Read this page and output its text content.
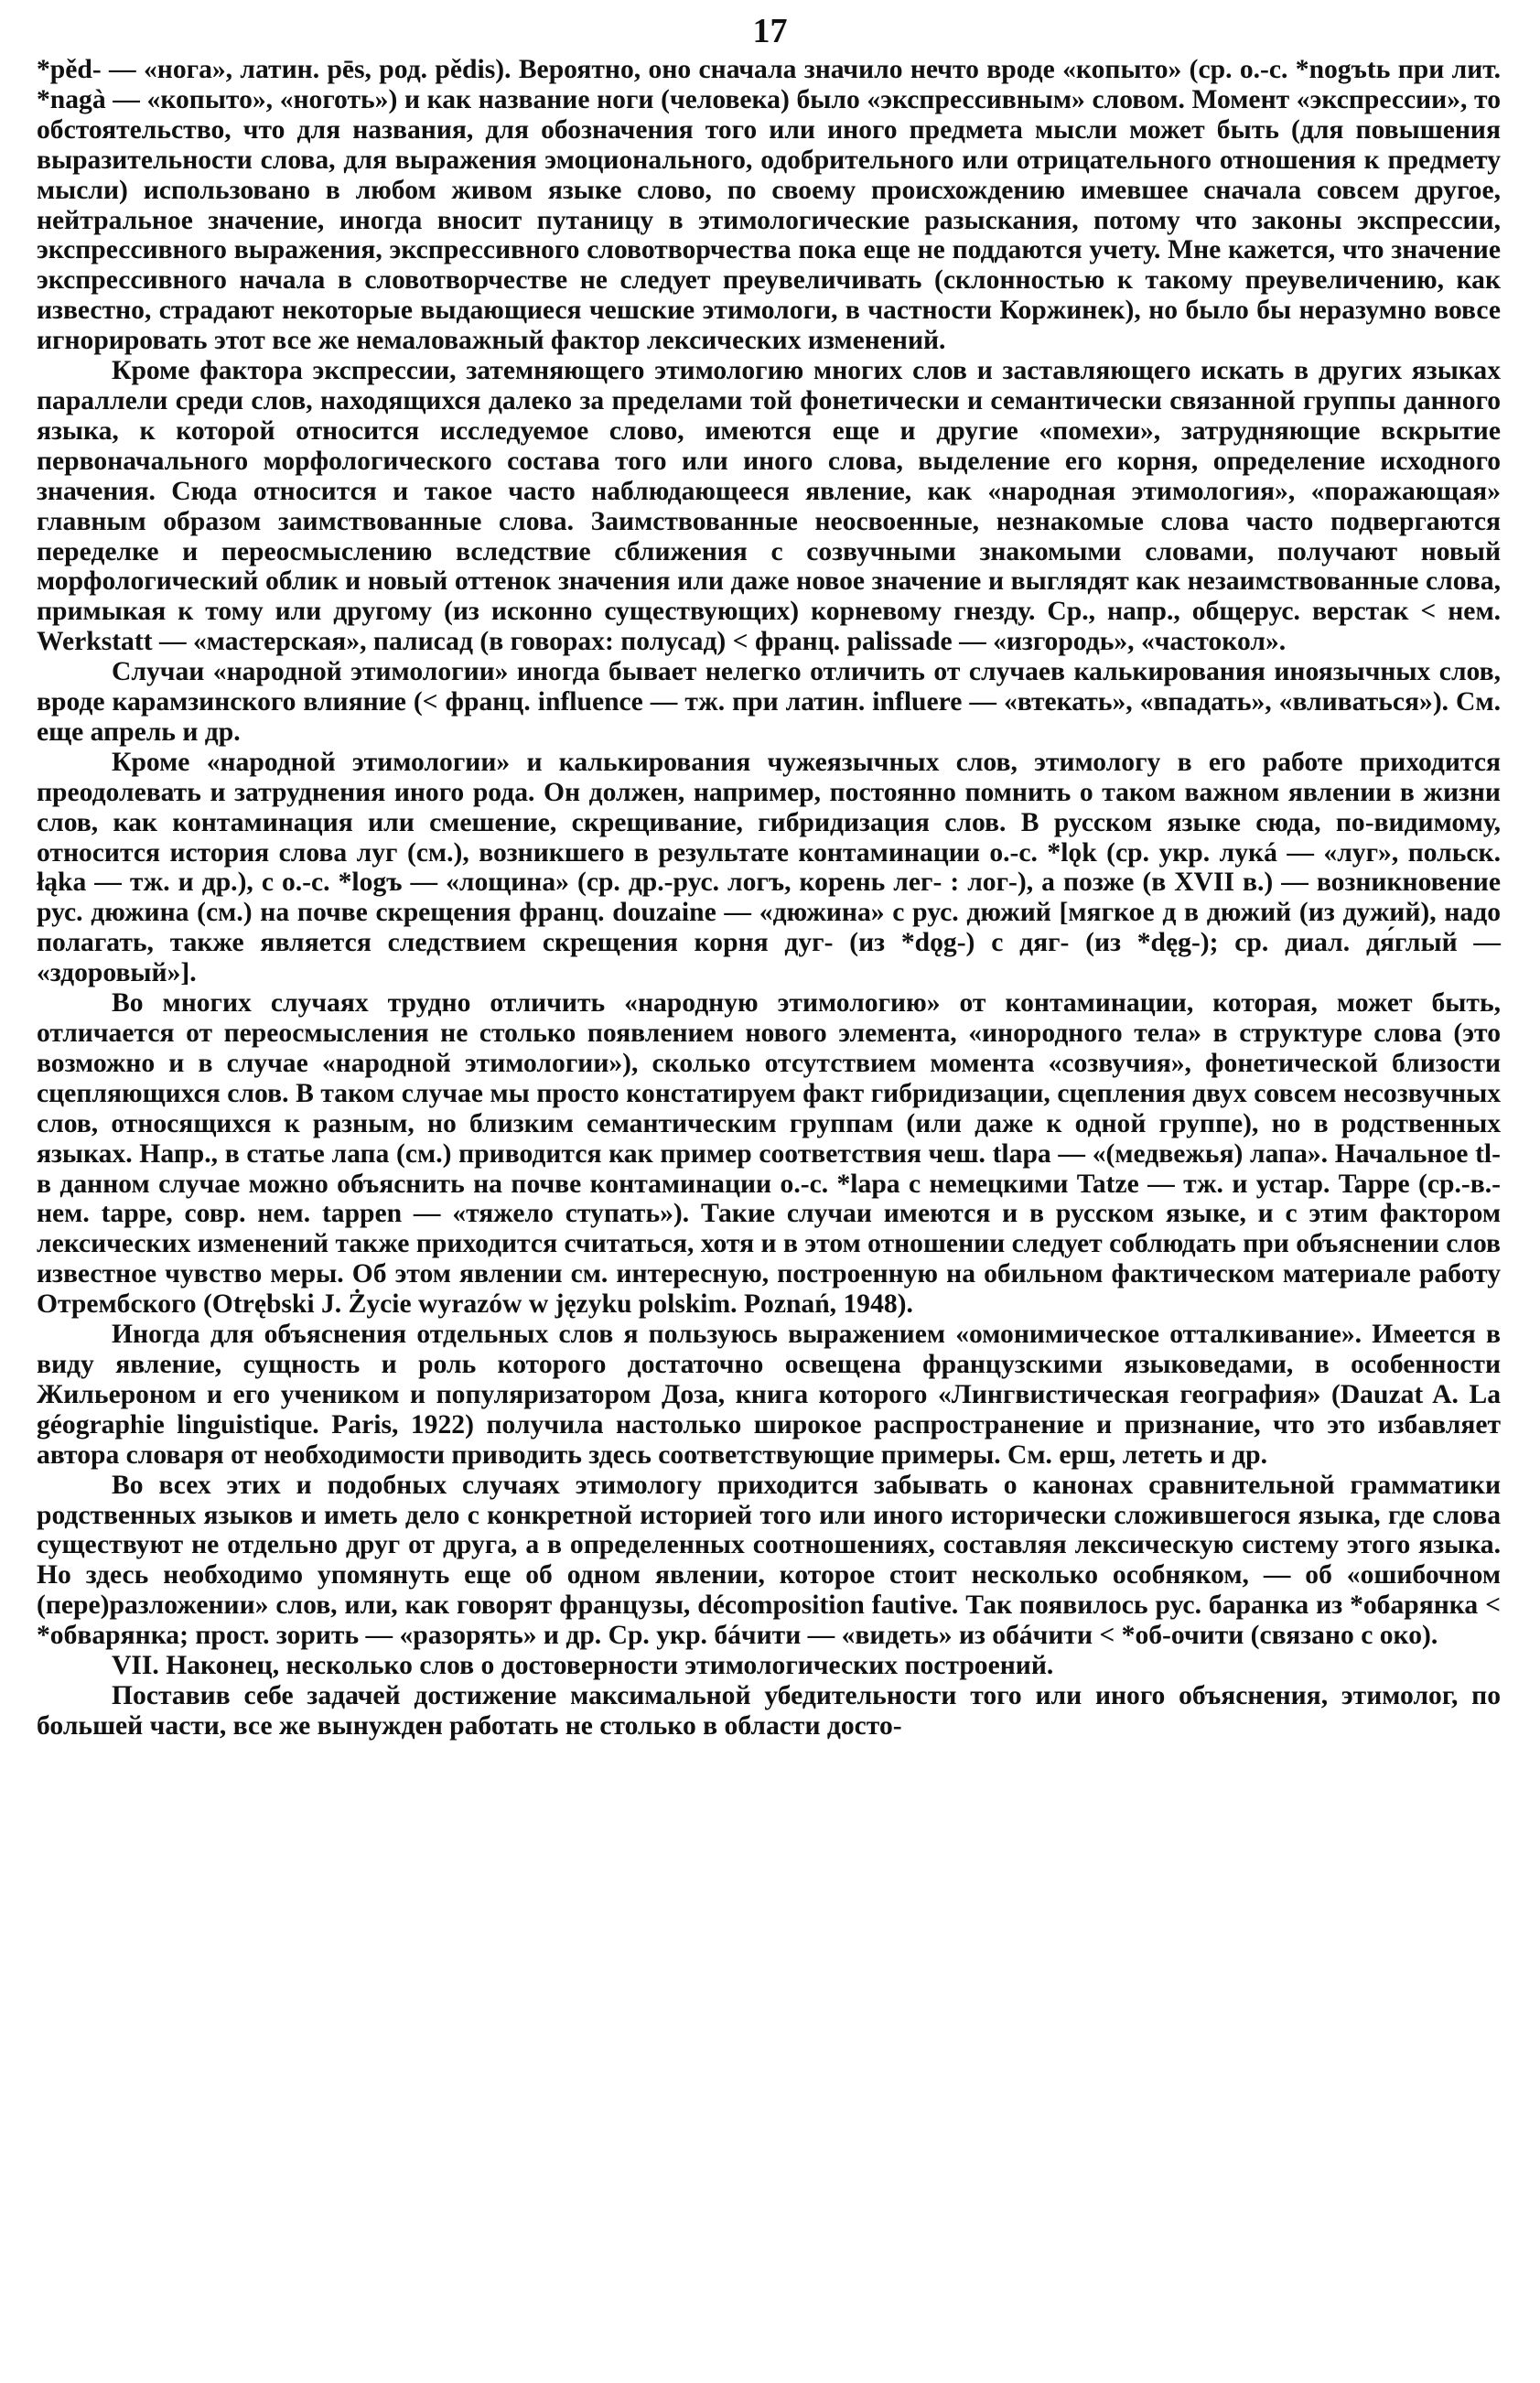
17

*pěd- — «нога», латин. pēs, род. pědis). Вероятно, оно сначала значило нечто вроде «копыто» (ср. о.-с. *nogъtь при лит. *nagà — «копыто», «ноготь») и как название ноги (человека) было «экспрессивным» словом. Момент «экспрессии», то обстоятельство, что для названия, для обозначения того или иного предмета мысли может быть (для повышения выразительности слова, для выражения эмоционального, одобрительного или отрицательного отношения к предмету мысли) использовано в любом живом языке слово, по своему происхождению имевшее сначала совсем другое, нейтральное значение, иногда вносит путаницу в этимологические разыскания, потому что законы экспрессии, экспрессивного выражения, экспрессивного словотворчества пока еще не поддаются учету. Мне кажется, что значение экспрессивного начала в словотворчестве не следует преувеличивать (склонностью к такому преувеличению, как известно, страдают некоторые выдающиеся чешские этимологи, в частности Коржинек), но было бы неразумно вовсе игнорировать этот все же немаловажный фактор лексических изменений.

Кроме фактора экспрессии, затемняющего этимологию многих слов и заставляющего искать в других языках параллели среди слов, находящихся далеко за пределами той фонетически и семантически связанной группы данного языка, к которой относится исследуемое слово, имеются еще и другие «помехи», затрудняющие вскрытие первоначального морфологического состава того или иного слова, выделение его корня, определение исходного значения. Сюда относится и такое часто наблюдающееся явление, как «народная этимология», «поражающая» главным образом заимствованные слова. Заимствованные неосвоенные, незнакомые слова часто подвергаются переделке и переосмыслению вследствие сближения с созвучными знакомыми словами, получают новый морфологический облик и новый оттенок значения или даже новое значение и выглядят как незаимствованные слова, примыкая к тому или другому (из исконно существующих) корневому гнезду. Ср., напр., общерус. верстак < нем. Werkstatt — «мастерская», палисад (в говорах: полусад) < франц. palissade — «изгородь», «частокол».

Случаи «народной этимологии» иногда бывает нелегко отличить от случаев калькирования иноязычных слов, вроде карамзинского влияние (< франц. influence — тж. при латин. influere — «втекать», «впадать», «вливаться»). См. еще апрель и др.

Кроме «народной этимологии» и калькирования чужеязычных слов, этимологу в его работе приходится преодолевать и затруднения иного рода. Он должен, например, постоянно помнить о таком важном явлении в жизни слов, как контаминация или смешение, скрещивание, гибридизация слов. В русском языке сюда, по-видимому, относится история слова луг (см.), возникшего в результате контаминации о.-с. *lǫk (ср. укр. лукá — «луг», польск. łąka — тж. и др.), с о.-с. *logъ — «лощина» (ср. др.-рус. логъ, корень лег- : лог-), а позже (в XVII в.) — возникновение рус. дюжина (см.) на почве скрещения франц. douzaine — «дюжина» с рус. дюжий [мягкое д в дюжий (из дужий), надо полагать, также является следствием скрещения корня дуг- (из *dǫg-) с дяг- (из *dęg-); ср. диал. дя́глый — «здоровый»].

Во многих случаях трудно отличить «народную этимологию» от контаминации, которая, может быть, отличается от переосмысления не столько появлением нового элемента, «инородного тела» в структуре слова (это возможно и в случае «народной этимологии»), сколько отсутствием момента «созвучия», фонетической близости сцепляющихся слов. В таком случае мы просто констатируем факт гибридизации, сцепления двух совсем несозвучных слов, относящихся к разным, но близким семантическим группам (или даже к одной группе), но в родственных языках. Напр., в статье лапа (см.) приводится как пример соответствия чеш. tlapa — «(медвежья) лапа». Начальное tl- в данном случае можно объяснить на почве контаминации о.-с. *lapa с немецкими Tatze — тж. и устар. Tappe (ср.-в.-нем. tappe, совр. нем. tappen — «тяжело ступать»). Такие случаи имеются и в русском языке, и с этим фактором лексических изменений также приходится считаться, хотя и в этом отношении следует соблюдать при объяснении слов известное чувство меры. Об этом явлении см. интересную, построенную на обильном фактическом материале работу Отрембского (Otrębski J. Życie wyrazów w języku polskim. Poznań, 1948).

Иногда для объяснения отдельных слов я пользуюсь выражением «омонимическое отталкивание». Имеется в виду явление, сущность и роль которого достаточно освещена французскими языковедами, в особенности Жильероном и его учеником и популяризатором Доза, книга которого «Лингвистическая география» (Dauzat A. La géographie linguistique. Paris, 1922) получила настолько широкое распространение и признание, что это избавляет автора словаря от необходимости приводить здесь соответствующие примеры. См. ерш, лететь и др.

Во всех этих и подобных случаях этимологу приходится забывать о канонах сравнительной грамматики родственных языков и иметь дело с конкретной историей того или иного исторически сложившегося языка, где слова существуют не отдельно друг от друга, а в определенных соотношениях, составляя лексическую систему этого языка. Но здесь необходимо упомянуть еще об одном явлении, которое стоит несколько особняком, — об «ошибочном (пере)разложении» слов, или, как говорят французы, décomposition fautive. Так появилось рус. баранка из *обарянка < *обварянка; прост. зорить — «разорять» и др. Ср. укр. бáчити — «видеть» из обáчити < *об-очити (связано с око).

VII. Наконец, несколько слов о достоверности этимологических построений.

Поставив себе задачей достижение максимальной убедительности того или иного объяснения, этимолог, по большей части, все же вынужден работать не столько в области досто-
